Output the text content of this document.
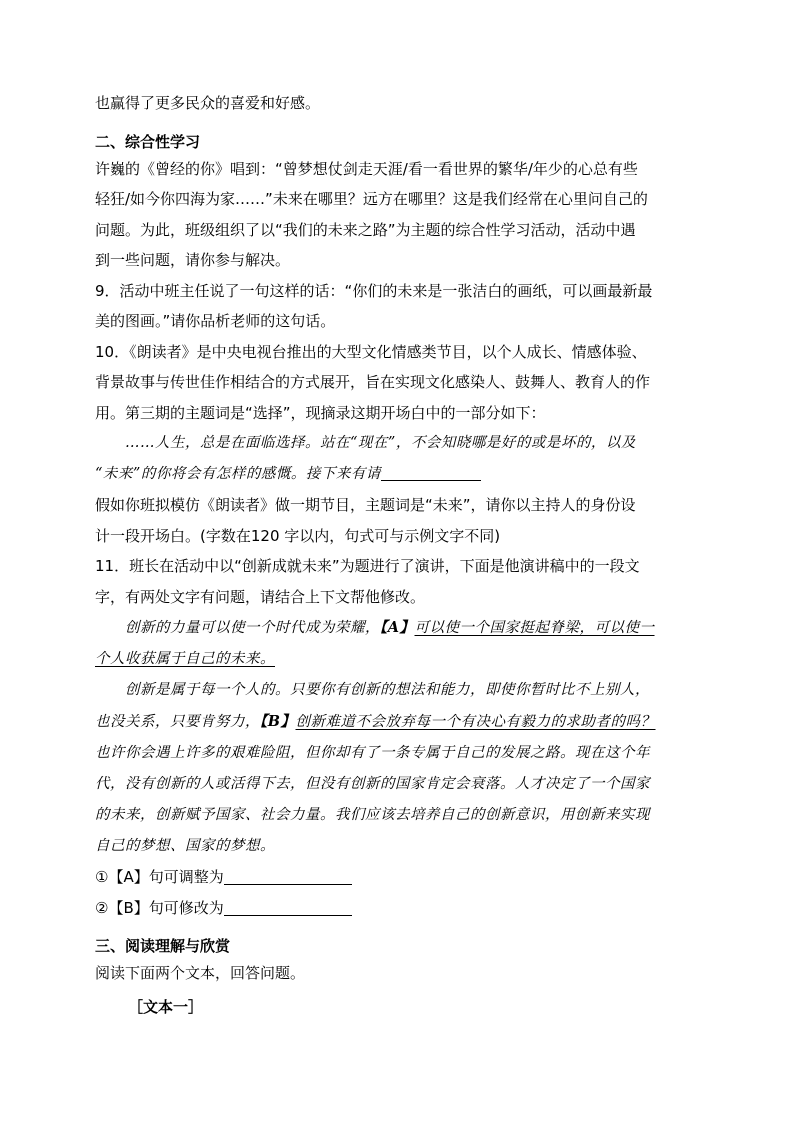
也赢得了更多民众的喜爱和好感。
二、综合性学习
许巍的《曾经的你》唱到：“曾梦想仗剑走天涯/看一看世界的繁华/年少的心总有些
轻狂/如今你四海为家……”未来在哪里？远方在哪里？这是我们经常在心里问自己的
问题。为此，班级组织了以“我们的未来之路”为主题的综合性学习活动，活动中遇
到一些问题，请你参与解决。
9．活动中班主任说了一句这样的话：“你们的未来是一张洁白的画纸，可以画最新最
美的图画。”请你品析老师的这句话。
10．《朗读者》是中央电视台推出的大型文化情感类节目，以个人成长、情感体验、
背景故事与传世佳作相结合的方式展开，旨在实现文化感染人、鼓舞人、教育人的作
用。第三期的主题词是“选择”，现摘录这期开场白中的一部分如下：
……人生，总是在面临选择。站在“现在”，不会知晓哪是好的或是坏的，以及
“未来”的你将会有怎样的感慨。接下来有请
假如你班拟模仿《朗读者》做一期节目，主题词是“未来”，请你以主持人的身份设
计一段开场白。(字数在120 字以内，句式可与示例文字不同)
11．班长在活动中以“创新成就未来”为题进行了演讲，下面是他演讲稿中的一段文
字，有两处文字有问题，请结合上下文帮他修改。
创新的力量可以使一个时代成为荣耀，【A】可以使一个国家挺起脊梁，可以使一
个人收获属于自己的未来。
创新是属于每一个人的。只要你有创新的想法和能力，即使你暂时比不上别人，
也没关系，只要肯努力，【B】创新难道不会放弃每一个有决心有毅力的求助者的吗？
也许你会遇上许多的艰难险阻，但你却有了一条专属于自己的发展之路。现在这个年
代，没有创新的人或活得下去，但没有创新的国家肯定会衰落。人才决定了一个国家
的未来，创新赋予国家、社会力量。我们应该去培养自己的创新意识，用创新来实现
自己的梦想、国家的梦想。
①【A】句可调整为
②【B】句可修改为
三、阅读理解与欣赏
阅读下面两个文本，回答问题。
［文本一］
